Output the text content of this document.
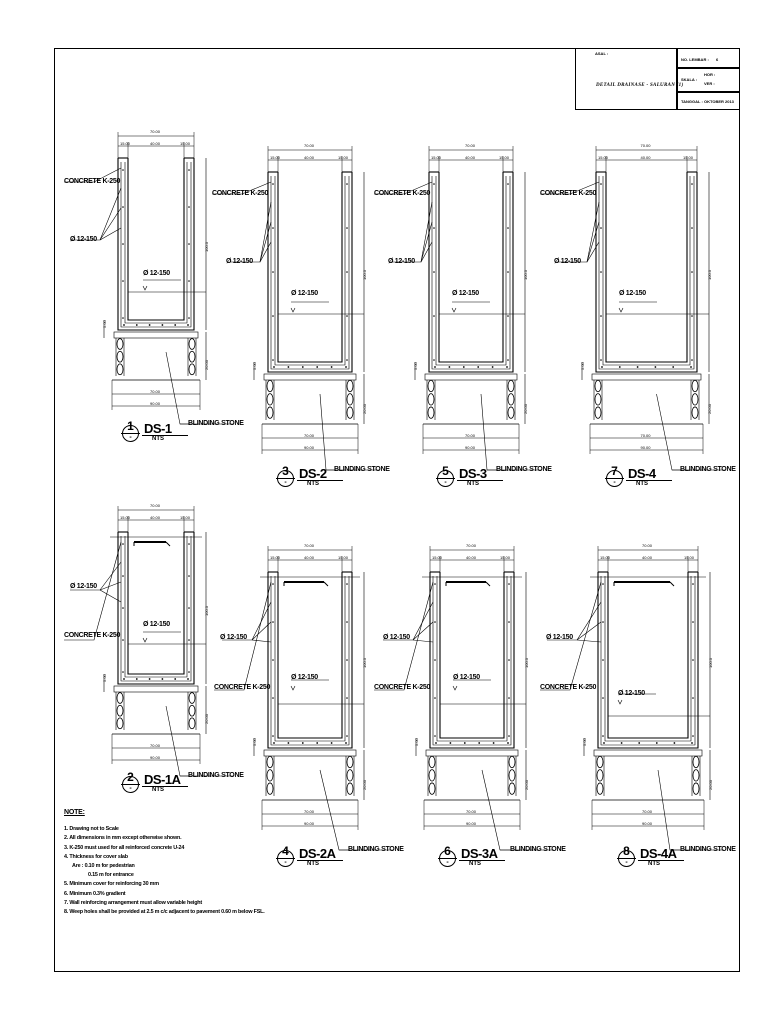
ASAL :
DETAIL DRAINASE - SALURAN (1)
NO. LEMBAR : 6
SKALA :
HOR :
VER :
TANGGAL : OKTOBER 2013
CONCRETE K-250
Ø 12-150
Ø 12-150
BLINDING STONE
70.00
15.00	40.00	15.00
70.00
90.00
100.0
20.00
5.00
1
-
DS-1
NTS
CONCRETE K-250
Ø 12-150
Ø 12-150
BLINDING STONE
70.00
15.00	40.00	15.00
70.00
90.00
100.0
20.00
5.00
3
-
DS-2
NTS
CONCRETE K-250
Ø 12-150
Ø 12-150
BLINDING STONE
70.00
15.00	40.00	15.00
70.00
90.00
100.0
20.00
5.00
5
-
DS-3
NTS
CONCRETE K-250
Ø 12-150
Ø 12-150
BLINDING STONE
70.00
15.00	40.00	15.00
70.00
90.00
100.0
20.00
5.00
7
-
DS-4
NTS
CONCRETE K-250
Ø 12-150
Ø 12-150
BLINDING STONE
70.00
15.00	40.00	15.00
70.00
90.00
100.0
20.00
5.00
2
-
DS-1A
NTS
CONCRETE K-250
Ø 12-150
Ø 12-150
BLINDING STONE
70.00
15.00	40.00	15.00
70.00
90.00
100.0
20.00
5.00
4
-
DS-2A
NTS
CONCRETE K-250
Ø 12-150
Ø 12-150
BLINDING STONE
70.00
15.00	40.00	15.00
70.00
90.00
100.0
20.00
5.00
6
-
DS-3A
NTS
CONCRETE K-250
Ø 12-150
Ø 12-150
BLINDING STONE
70.00
15.00	40.00	15.00
70.00
90.00
100.0
20.00
5.00
8
-
DS-4A
NTS
NOTE:
1. Drawing not to Scale
2. All dimensions in mm except otherwise shown.
3. K-250 must used for all reinforced concrete U-24
4. Thickness for cover slab
Are : 0.10 m for pedestrian
0.15 m for entrance
5. Minimum cover for reinforcing 30 mm
6. Minimum 0.3% gradient
7. Wall reinforcing arrangement must allow variable height
8. Weep holes shall be provided at 2.5 m c/c adjacent to pavement 0.60 m below FSL.
